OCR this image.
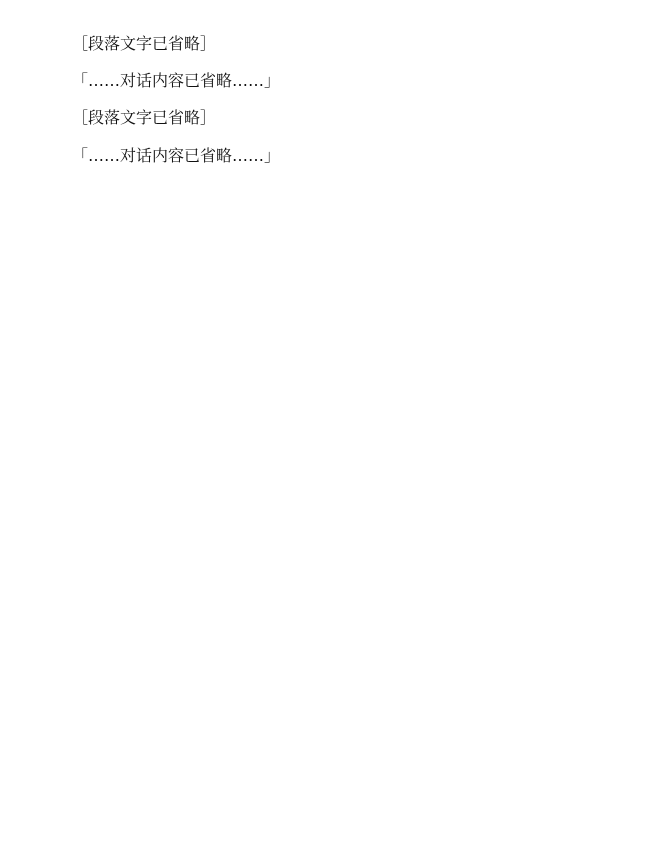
［段落文字已省略］

「……对话内容已省略……」

［段落文字已省略］

「……对话内容已省略……」
